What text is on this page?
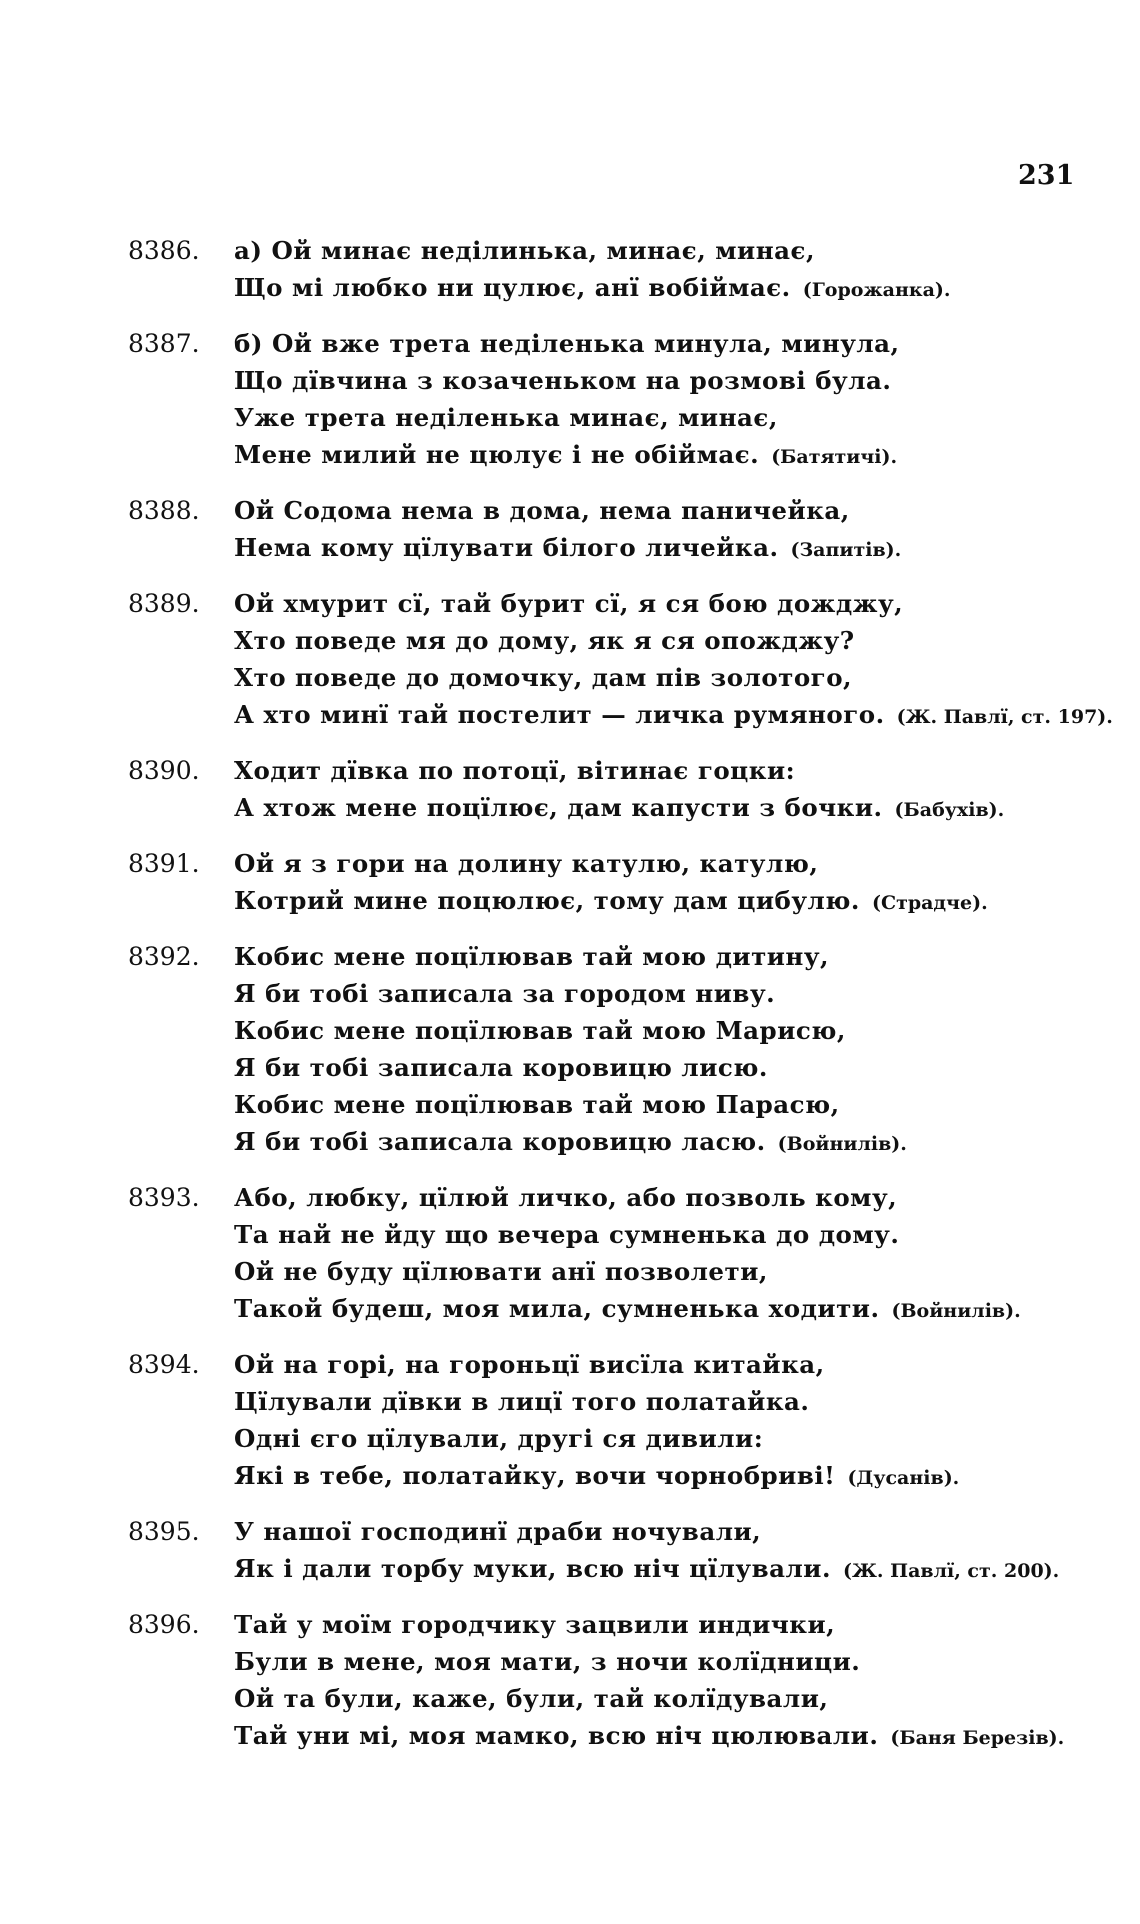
231
8386.	а) Ой минає неділинька, минає, минає,
Що мі любко ни цулює, анї вобіймає. (Горожанка).
8387.	б) Ой вже трета неділенька минула, минула,
Що дївчина з козаченьком на розмові була.
Уже трета неділенька минає, минає,
Мене милий не цюлує і не обіймає. (Батятичі).
8388.	Ой Содома нема в дома, нема паничейка,
Нема кому цїлувати білого личейка. (Запитів).
8389.	Ой хмурит сї, тай бурит сї, я ся бою дожджу,
Хто поведе мя до дому, як я ся опожджу?
Хто поведе до домочку, дам пів золотого,
А хто минї тай постелит — личка румяного. (Ж. Павлї, ст. 197).
8390.	Ходит дївка по потоцї, вітинає гоцки:
А хтож мене поцїлює, дам капусти з бочки. (Бабухів).
8391.	Ой я з гори на долину катулю, катулю,
Котрий мине поцюлює, тому дам цибулю. (Страдче).
8392.	Кобис мене поцїлював тай мою дитину,
Я би тобі записала за городом ниву.
Кобис мене поцїлював тай мою Марисю,
Я би тобі записала коровицю лисю.
Кобис мене поцїлював тай мою Парасю,
Я би тобі записала коровицю ласю. (Войнилів).
8393.	Або, любку, цїлюй личко, або позволь кому,
Та най не йду що вечера сумненька до дому.
Ой не буду цїлювати анї позволети,
Такой будеш, моя мила, сумненька ходити. (Войнилів).
8394.	Ой на горі, на гороньцї висїла китайка,
Цїлували дївки в лицї того полатайка.
Одні єго цїлували, другі ся дивили:
Які в тебе, полатайку, вочи чорнобриві! (Дусанів).
8395.	У нашої господинї драби ночували,
Як і дали торбу муки, всю ніч цїлували. (Ж. Павлї, ст. 200).
8396.	Тай у моїм городчику зацвили индички,
Були в мене, моя мати, з ночи колїдници.
Ой та були, каже, були, тай колїдували,
Тай уни мі, моя мамко, всю ніч цюлювали. (Баня Березів).
